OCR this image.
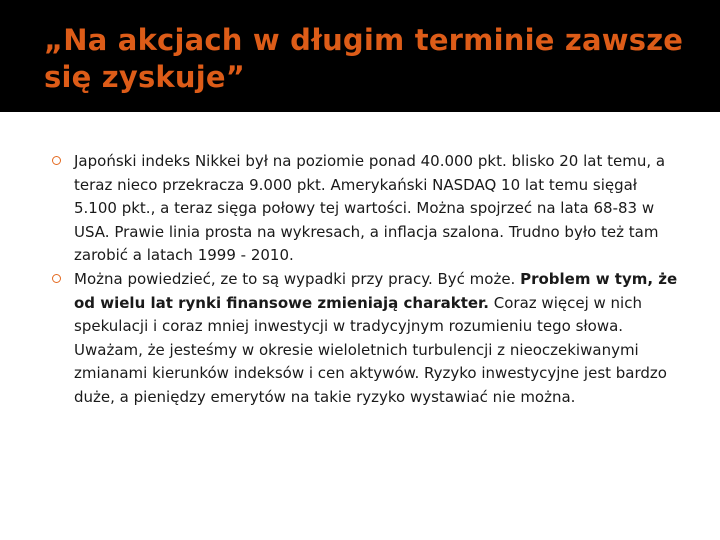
„Na akcjach w długim terminie zawsze się zyskuje”
Japoński indeks Nikkei był na poziomie ponad 40.000 pkt. blisko 20 lat temu, a teraz nieco przekracza 9.000 pkt. Amerykański NASDAQ 10 lat temu sięgał 5.100 pkt., a teraz sięga połowy tej wartości. Można spojrzeć na lata 68-83 w USA. Prawie linia prosta na wykresach, a inflacja szalona. Trudno było też tam zarobić a latach 1999 - 2010.
Można powiedzieć, ze to są wypadki przy pracy. Być może. Problem w tym, że od wielu lat rynki finansowe zmieniają charakter. Coraz więcej w nich spekulacji i coraz mniej inwestycji w tradycyjnym rozumieniu tego słowa. Uważam, że jesteśmy w okresie wieloletnich turbulencji z nieoczekiwanymi zmianami kierunków indeksów i cen aktywów. Ryzyko inwestycyjne jest bardzo duże, a pieniędzy emerytów na takie ryzyko wystawiać nie można.
